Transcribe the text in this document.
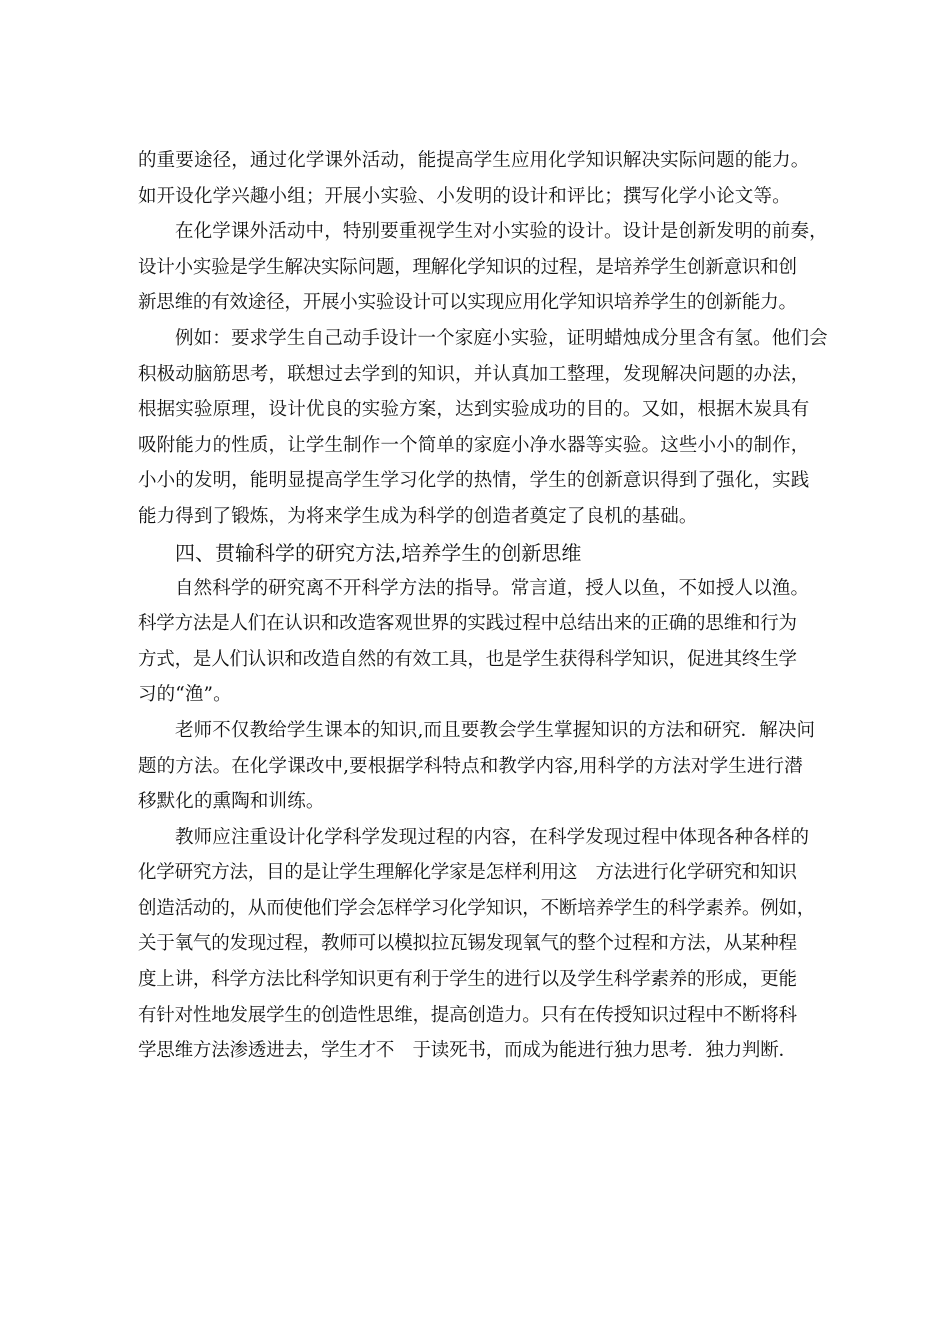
的重要途径，通过化学课外活动，能提高学生应用化学知识解决实际问题的能力。
如开设化学兴趣小组；开展小实验、小发明的设计和评比；撰写化学小论文等。
在化学课外活动中，特别要重视学生对小实验的设计。设计是创新发明的前奏，
设计小实验是学生解决实际问题，理解化学知识的过程，是培养学生创新意识和创
新思维的有效途径，开展小实验设计可以实现应用化学知识培养学生的创新能力。
例如：要求学生自己动手设计一个家庭小实验，证明蜡烛成分里含有氢。他们会
积极动脑筋思考，联想过去学到的知识，并认真加工整理，发现解决问题的办法，
根据实验原理，设计优良的实验方案，达到实验成功的目的。又如，根据木炭具有
吸附能力的性质，让学生制作一个简单的家庭小净水器等实验。这些小小的制作，
小小的发明，能明显提高学生学习化学的热情，学生的创新意识得到了强化，实践
能力得到了锻炼，为将来学生成为科学的创造者奠定了良机的基础。
四、贯输科学的研究方法,培养学生的创新思维
自然科学的研究离不开科学方法的指导。常言道，授人以鱼，不如授人以渔。
科学方法是人们在认识和改造客观世界的实践过程中总结出来的正确的思维和行为
方式，是人们认识和改造自然的有效工具，也是学生获得科学知识，促进其终生学
习的“渔”。
老师不仅教给学生课本的知识,而且要教会学生掌握知识的方法和研究．解决问
题的方法。在化学课改中,要根据学科特点和教学内容,用科学的方法对学生进行潜
移默化的熏陶和训练。
教师应注重设计化学科学发现过程的内容，在科学发现过程中体现各种各样的
化学研究方法，目的是让学生理解化学家是怎样利用这　方法进行化学研究和知识
创造活动的，从而使他们学会怎样学习化学知识，不断培养学生的科学素养。例如，
关于氧气的发现过程，教师可以模拟拉瓦锡发现氧气的整个过程和方法，从某种程
度上讲，科学方法比科学知识更有利于学生的进行以及学生科学素养的形成，更能
有针对性地发展学生的创造性思维，提高创造力。只有在传授知识过程中不断将科
学思维方法渗透进去，学生才不　于读死书，而成为能进行独力思考．独力判断．
